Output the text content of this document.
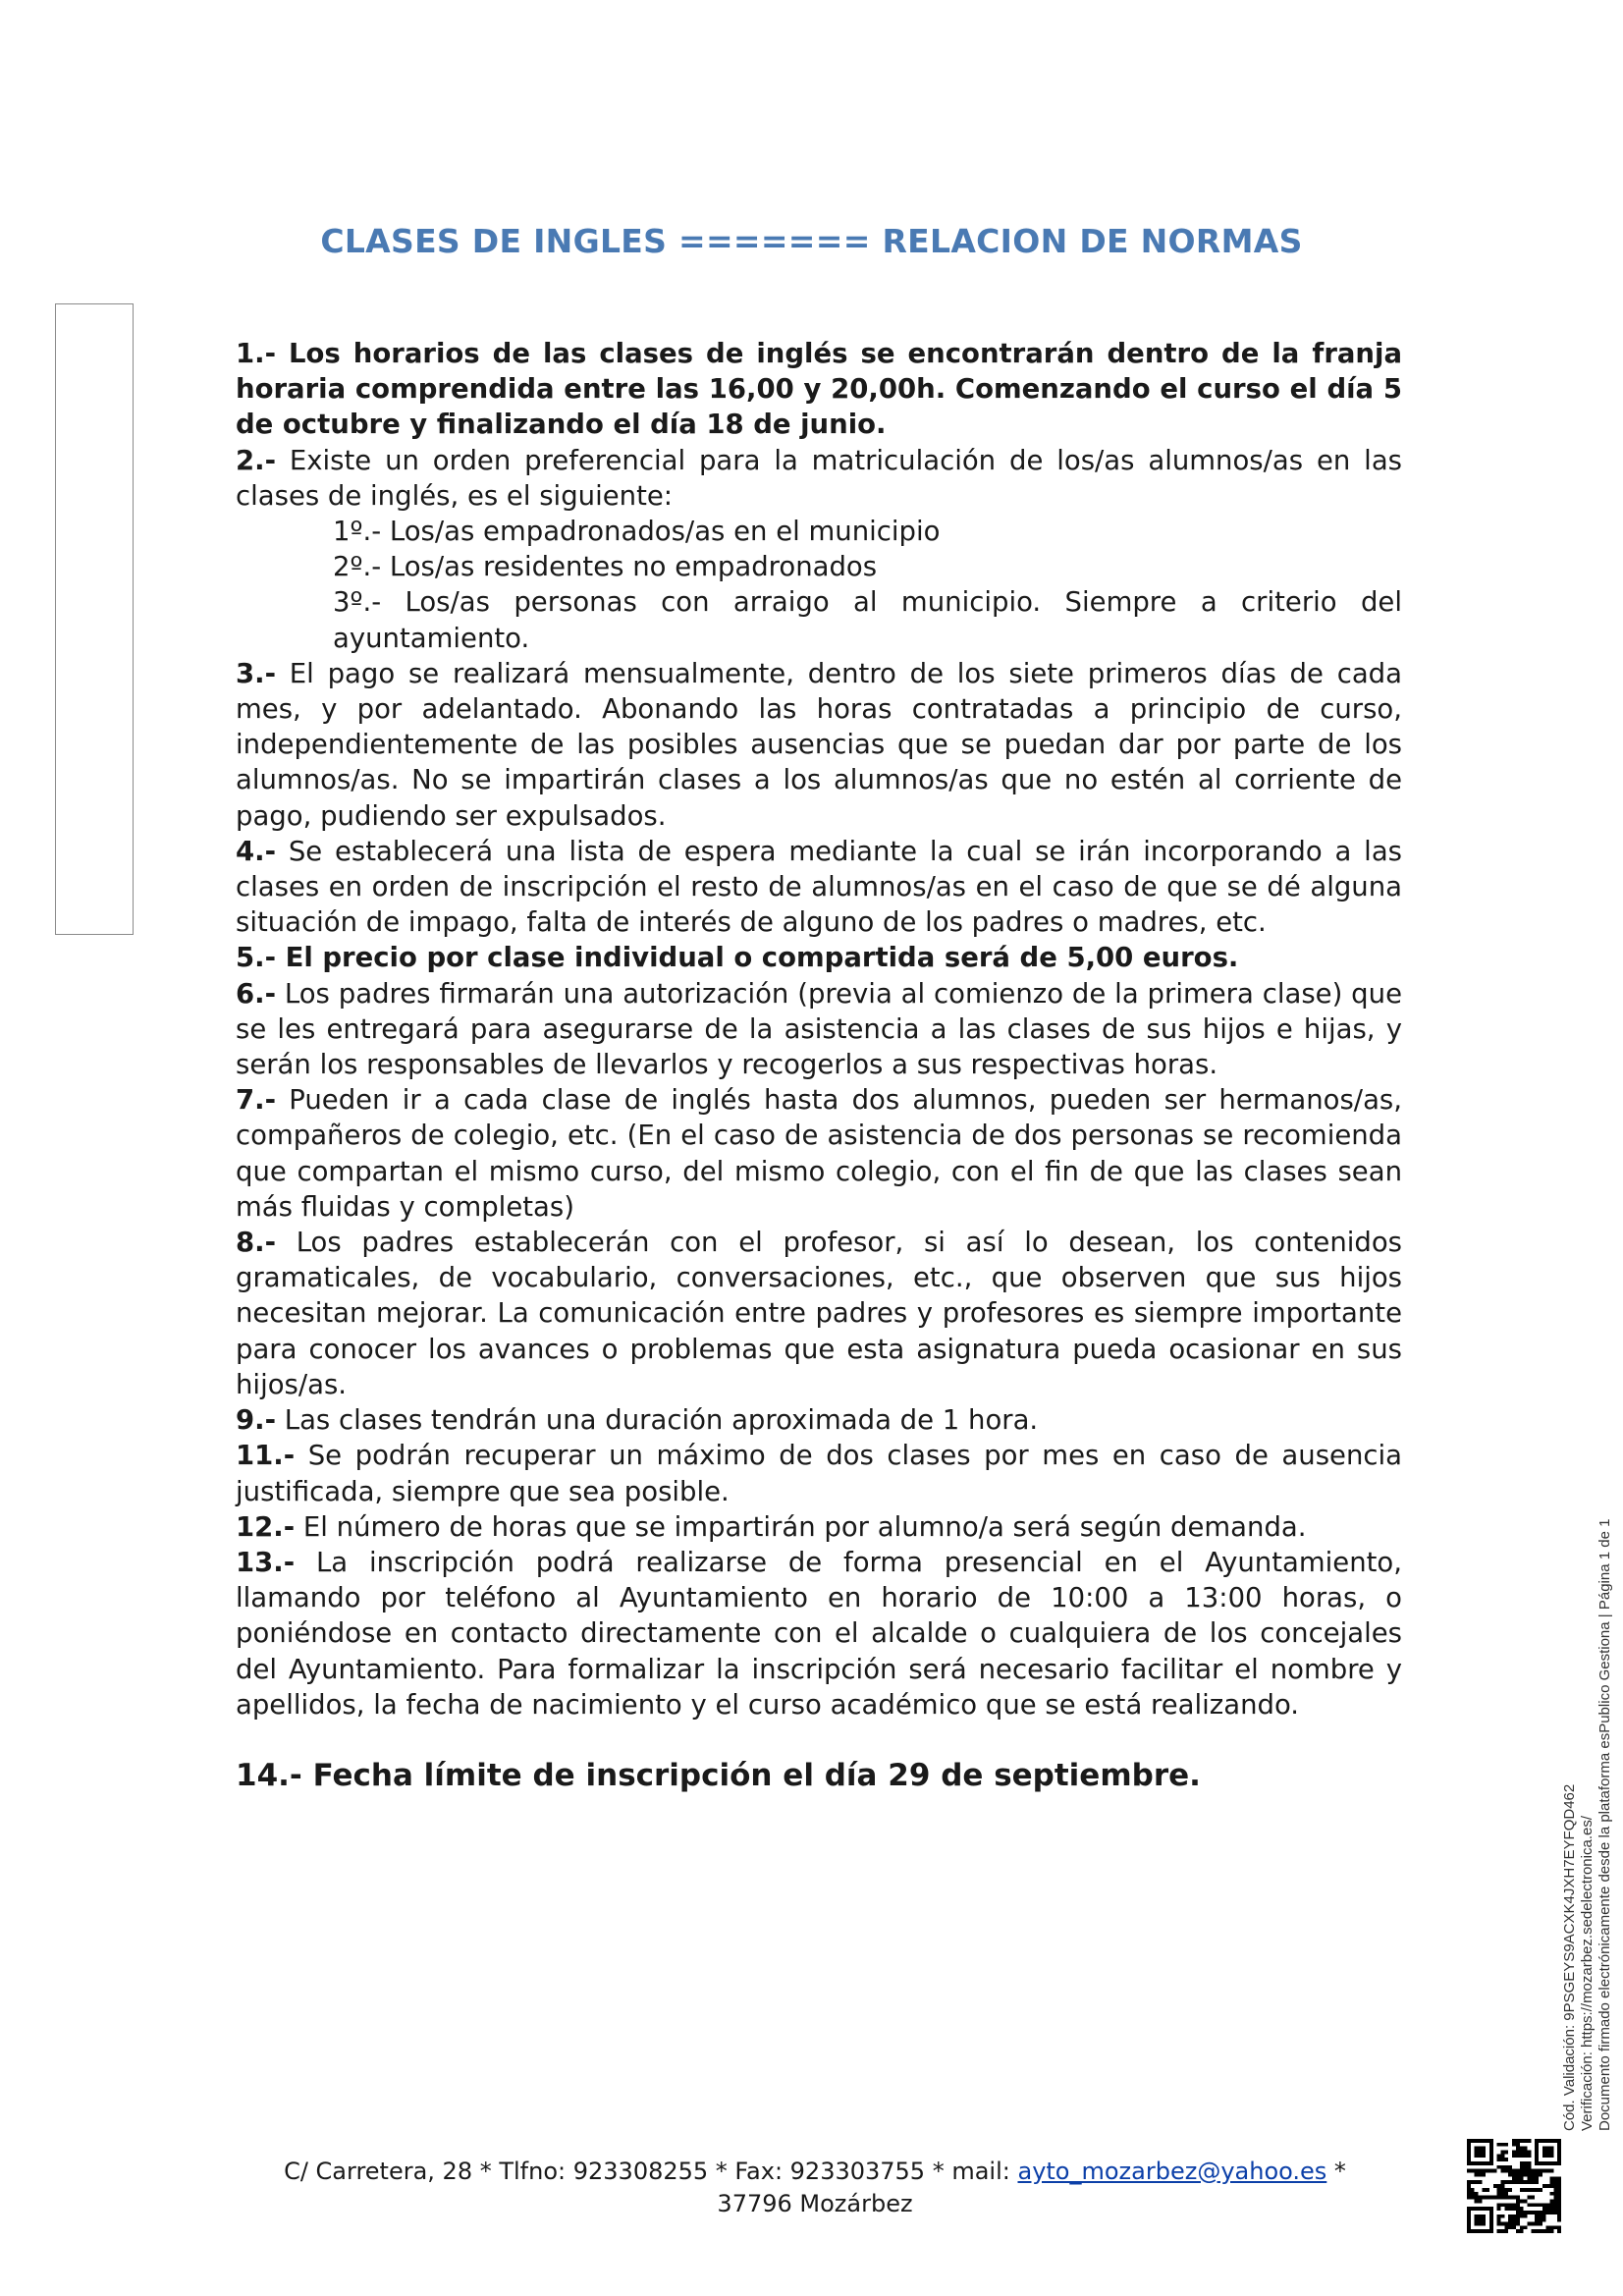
CLASES DE INGLES ======= RELACION DE NORMAS

1.- Los horarios de las clases de inglés se encontrarán dentro de la franja horaria comprendida entre las 16,00 y 20,00h. Comenzando el curso el día 5 de octubre y finalizando el día 18 de junio.

2.- Existe un orden preferencial para la matriculación de los/as alumnos/as en las clases de inglés, es el siguiente:

1º.- Los/as empadronados/as en el municipio

2º.- Los/as residentes no empadronados

3º.- Los/as personas con arraigo al municipio. Siempre a criterio del ayuntamiento.

3.- El pago se realizará mensualmente, dentro de los siete primeros días de cada mes, y por adelantado. Abonando las horas contratadas a principio de curso, independientemente de las posibles ausencias que se puedan dar por parte de los alumnos/as. No se impartirán clases a los alumnos/as que no estén al corriente de pago, pudiendo ser expulsados.

4.- Se establecerá una lista de espera mediante la cual se irán incorporando a las clases en orden de inscripción el resto de alumnos/as en el caso de que se dé alguna situación de impago, falta de interés de alguno de los padres o madres, etc.

5.- El precio por clase individual o compartida será de 5,00 euros.

6.- Los padres firmarán una autorización (previa al comienzo de la primera clase) que se les entregará para asegurarse de la asistencia a las clases de sus hijos e hijas, y serán los responsables de llevarlos y recogerlos a sus respectivas horas.

7.- Pueden ir a cada clase de inglés hasta dos alumnos, pueden ser hermanos/as, compañeros de colegio, etc. (En el caso de asistencia de dos personas se recomienda que compartan el mismo curso, del mismo colegio, con el fin de que las clases sean más fluidas y completas)

8.- Los padres establecerán con el profesor, si así lo desean, los contenidos gramaticales, de vocabulario, conversaciones, etc., que observen que sus hijos necesitan mejorar. La comunicación entre padres y profesores es siempre importante para conocer los avances o problemas que esta asignatura pueda ocasionar en sus hijos/as.

9.- Las clases tendrán una duración aproximada de 1 hora.

11.- Se podrán recuperar un máximo de dos clases por mes en caso de ausencia justificada, siempre que sea posible.

12.- El número de horas que se impartirán por alumno/a será según demanda.

13.- La inscripción podrá realizarse de forma presencial en el Ayuntamiento, llamando por teléfono al Ayuntamiento en horario de 10:00 a 13:00 horas, o poniéndose en contacto directamente con el alcalde o cualquiera de los concejales del Ayuntamiento. Para formalizar la inscripción será necesario facilitar el nombre y apellidos, la fecha de nacimiento y el curso académico que se está realizando.

14.- Fecha límite de inscripción el día 29 de septiembre.

C/ Carretera, 28 * Tlfno: 923308255 * Fax: 923303755 * mail: ayto_mozarbez@yahoo.es *
37796 Mozárbez
Cód. Validación: 9PSGEYS9ACXK4JXH7EYFQD462 Verificación: https://mozarbez.sedelectronica.es/ Documento firmado electrónicamente desde la plataforma esPublico Gestiona | Página 1 de 1
